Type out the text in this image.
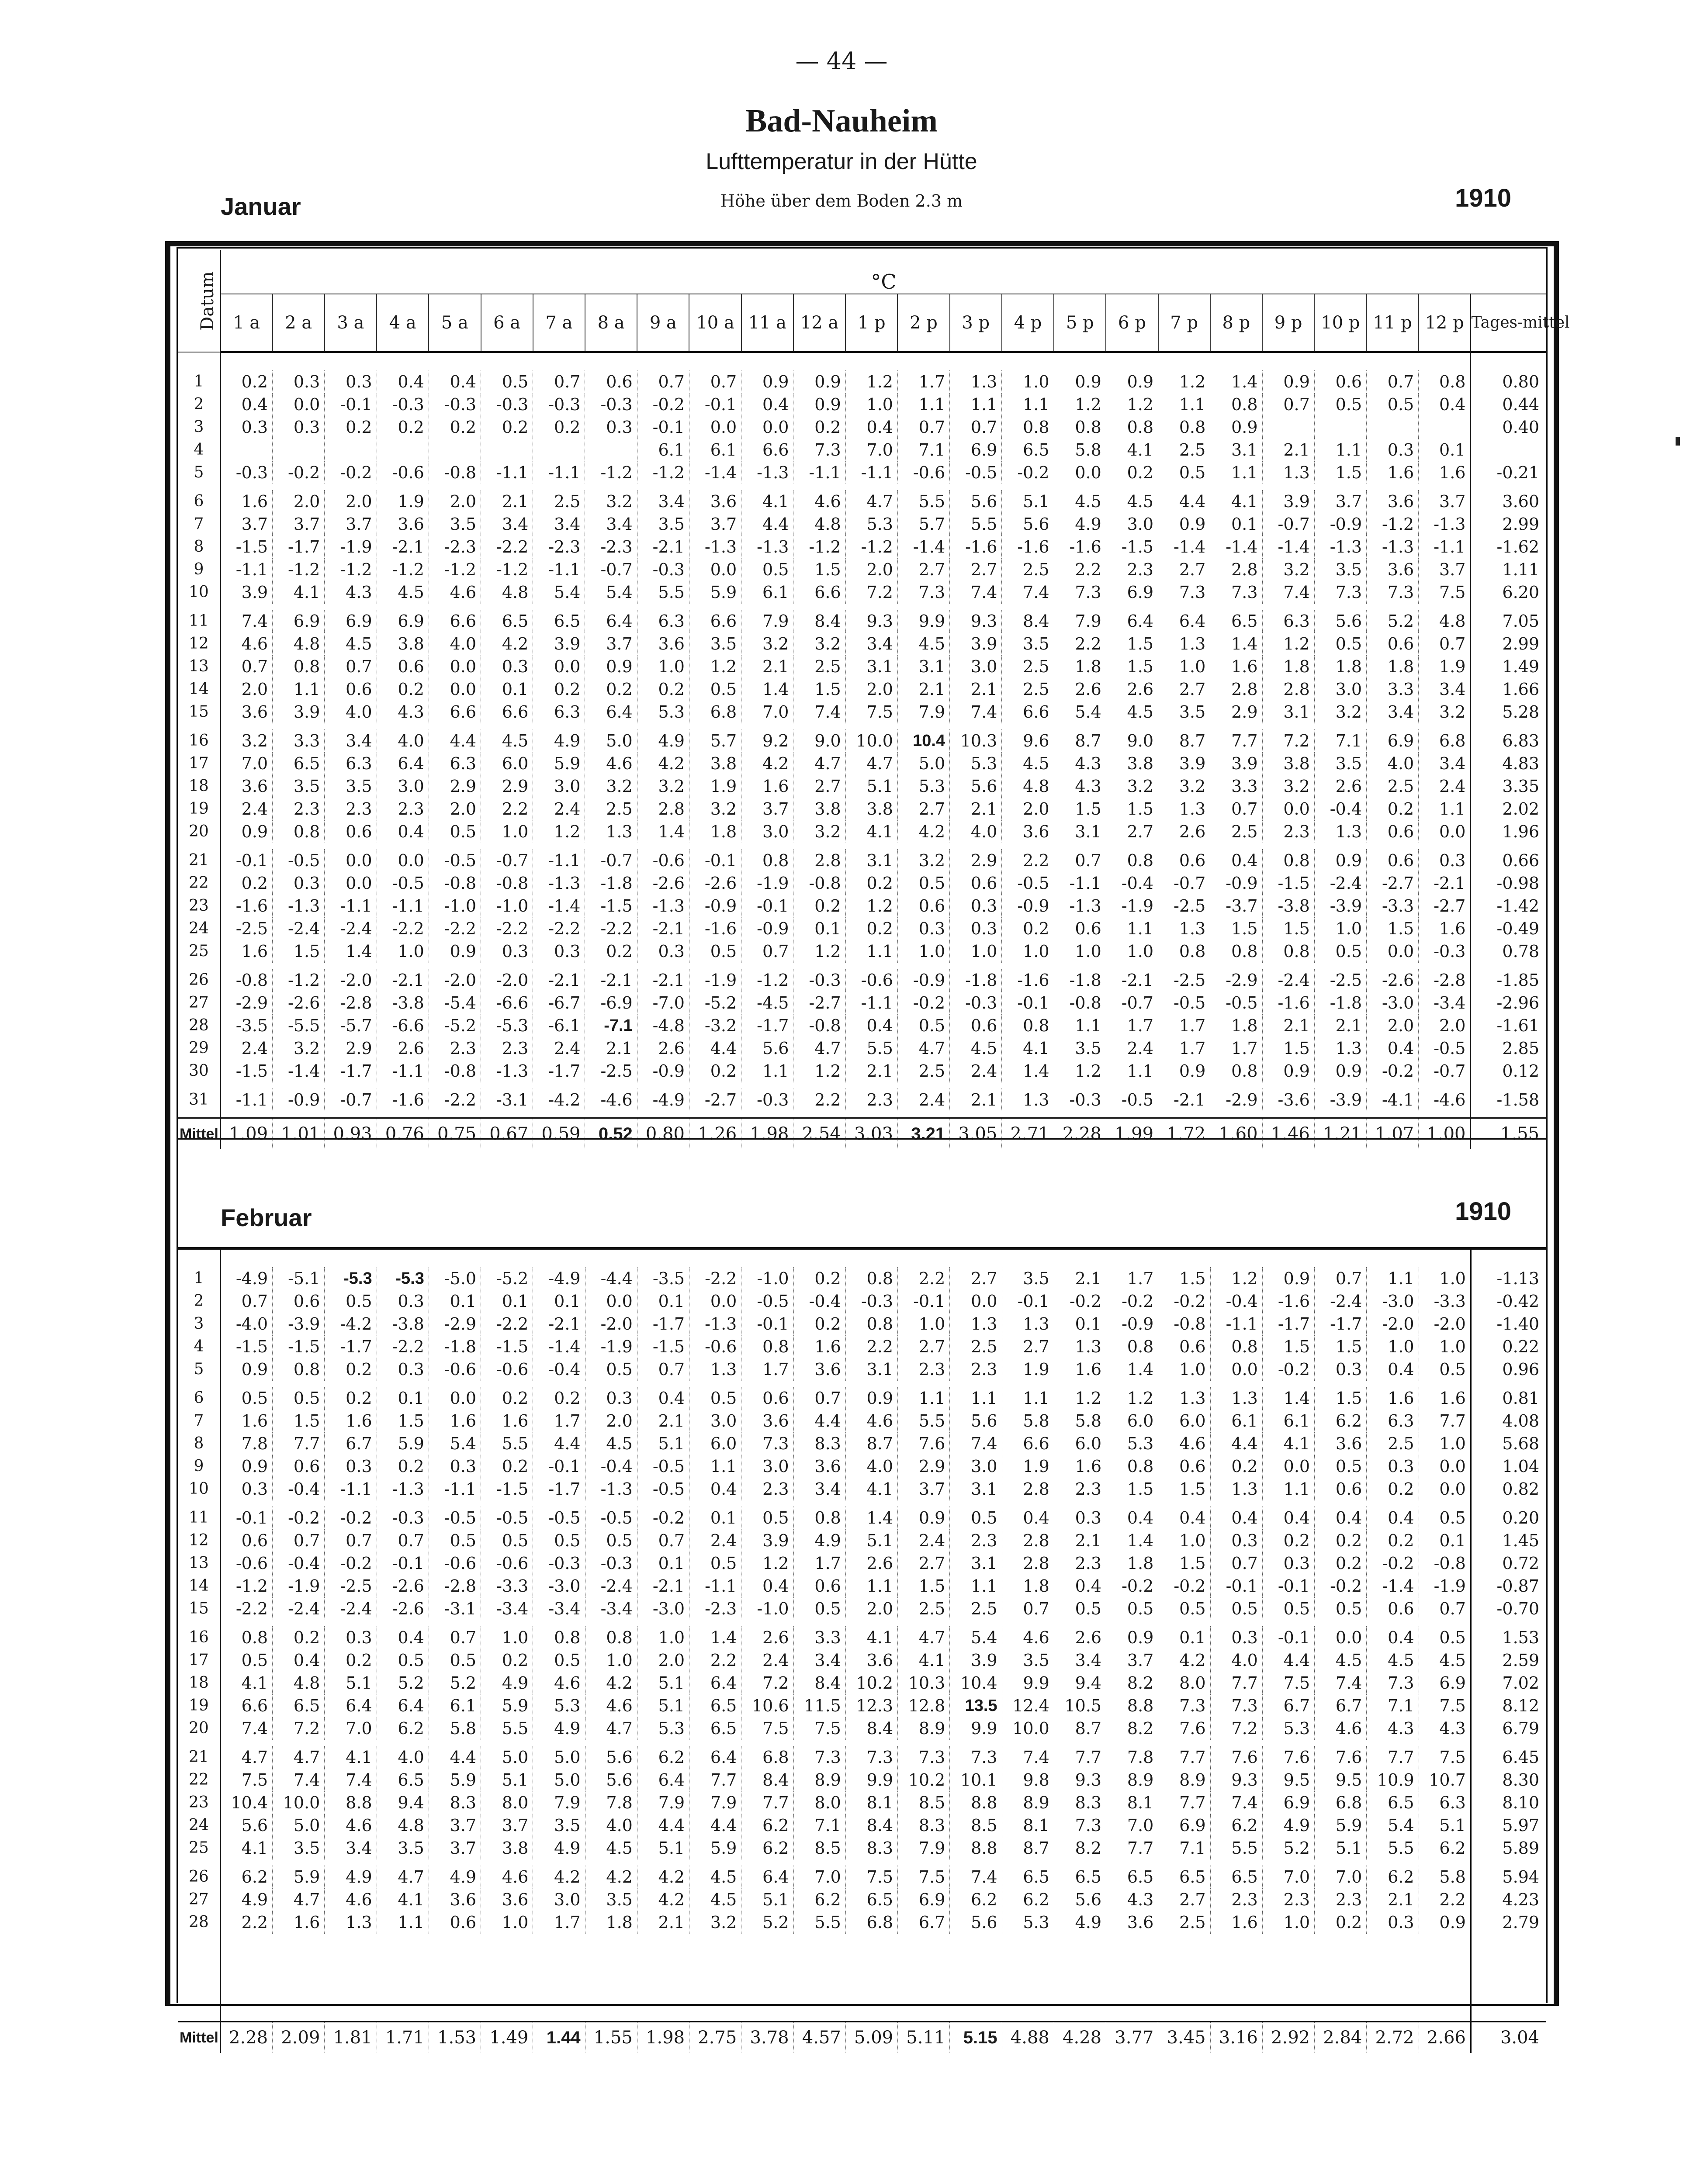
— 44 —
Bad-Nauheim
Lufttemperatur in der Hütte
Höhe über dem Boden 2.3 m
Januar	1910
Datum	°C																								
	1 a	2 a	3 a	4 a	5 a	6 a	7 a	8 a	9 a	10 a	11 a	12 a	1 p	2 p	3 p	4 p	5 p	6 p	7 p	8 p	9 p	10 p	11 p	12 p	Tages-mittel

1	0.2	0.3	0.3	0.4	0.4	0.5	0.7	0.6	0.7	0.7	0.9	0.9	1.2	1.7	1.3	1.0	0.9	0.9	1.2	1.4	0.9	0.6	0.7	0.8	0.80
2	0.4	0.0	-0.1	-0.3	-0.3	-0.3	-0.3	-0.3	-0.2	-0.1	0.4	0.9	1.0	1.1	1.1	1.1	1.2	1.2	1.1	0.8	0.7	0.5	0.5	0.4	0.44
3	0.3	0.3	0.2	0.2	0.2	0.2	0.2	0.3	-0.1	0.0	0.0	0.2	0.4	0.7	0.7	0.8	0.8	0.8	0.8	0.9					0.40
4									6.1	6.1	6.6	7.3	7.0	7.1	6.9	6.5	5.8	4.1	2.5	3.1	2.1	1.1	0.3	0.1	
5	-0.3	-0.2	-0.2	-0.6	-0.8	-1.1	-1.1	-1.2	-1.2	-1.4	-1.3	-1.1	-1.1	-0.6	-0.5	-0.2	0.0	0.2	0.5	1.1	1.3	1.5	1.6	1.6	-0.21

6	1.6	2.0	2.0	1.9	2.0	2.1	2.5	3.2	3.4	3.6	4.1	4.6	4.7	5.5	5.6	5.1	4.5	4.5	4.4	4.1	3.9	3.7	3.6	3.7	3.60
7	3.7	3.7	3.7	3.6	3.5	3.4	3.4	3.4	3.5	3.7	4.4	4.8	5.3	5.7	5.5	5.6	4.9	3.0	0.9	0.1	-0.7	-0.9	-1.2	-1.3	2.99
8	-1.5	-1.7	-1.9	-2.1	-2.3	-2.2	-2.3	-2.3	-2.1	-1.3	-1.3	-1.2	-1.2	-1.4	-1.6	-1.6	-1.6	-1.5	-1.4	-1.4	-1.4	-1.3	-1.3	-1.1	-1.62
9	-1.1	-1.2	-1.2	-1.2	-1.2	-1.2	-1.1	-0.7	-0.3	0.0	0.5	1.5	2.0	2.7	2.7	2.5	2.2	2.3	2.7	2.8	3.2	3.5	3.6	3.7	1.11
10	3.9	4.1	4.3	4.5	4.6	4.8	5.4	5.4	5.5	5.9	6.1	6.6	7.2	7.3	7.4	7.4	7.3	6.9	7.3	7.3	7.4	7.3	7.3	7.5	6.20

11	7.4	6.9	6.9	6.9	6.6	6.5	6.5	6.4	6.3	6.6	7.9	8.4	9.3	9.9	9.3	8.4	7.9	6.4	6.4	6.5	6.3	5.6	5.2	4.8	7.05
12	4.6	4.8	4.5	3.8	4.0	4.2	3.9	3.7	3.6	3.5	3.2	3.2	3.4	4.5	3.9	3.5	2.2	1.5	1.3	1.4	1.2	0.5	0.6	0.7	2.99
13	0.7	0.8	0.7	0.6	0.0	0.3	0.0	0.9	1.0	1.2	2.1	2.5	3.1	3.1	3.0	2.5	1.8	1.5	1.0	1.6	1.8	1.8	1.8	1.9	1.49
14	2.0	1.1	0.6	0.2	0.0	0.1	0.2	0.2	0.2	0.5	1.4	1.5	2.0	2.1	2.1	2.5	2.6	2.6	2.7	2.8	2.8	3.0	3.3	3.4	1.66
15	3.6	3.9	4.0	4.3	6.6	6.6	6.3	6.4	5.3	6.8	7.0	7.4	7.5	7.9	7.4	6.6	5.4	4.5	3.5	2.9	3.1	3.2	3.4	3.2	5.28

16	3.2	3.3	3.4	4.0	4.4	4.5	4.9	5.0	4.9	5.7	9.2	9.0	10.0	10.4	10.3	9.6	8.7	9.0	8.7	7.7	7.2	7.1	6.9	6.8	6.83
17	7.0	6.5	6.3	6.4	6.3	6.0	5.9	4.6	4.2	3.8	4.2	4.7	4.7	5.0	5.3	4.5	4.3	3.8	3.9	3.9	3.8	3.5	4.0	3.4	4.83
18	3.6	3.5	3.5	3.0	2.9	2.9	3.0	3.2	3.2	1.9	1.6	2.7	5.1	5.3	5.6	4.8	4.3	3.2	3.2	3.3	3.2	2.6	2.5	2.4	3.35
19	2.4	2.3	2.3	2.3	2.0	2.2	2.4	2.5	2.8	3.2	3.7	3.8	3.8	2.7	2.1	2.0	1.5	1.5	1.3	0.7	0.0	-0.4	0.2	1.1	2.02
20	0.9	0.8	0.6	0.4	0.5	1.0	1.2	1.3	1.4	1.8	3.0	3.2	4.1	4.2	4.0	3.6	3.1	2.7	2.6	2.5	2.3	1.3	0.6	0.0	1.96

21	-0.1	-0.5	0.0	0.0	-0.5	-0.7	-1.1	-0.7	-0.6	-0.1	0.8	2.8	3.1	3.2	2.9	2.2	0.7	0.8	0.6	0.4	0.8	0.9	0.6	0.3	0.66
22	0.2	0.3	0.0	-0.5	-0.8	-0.8	-1.3	-1.8	-2.6	-2.6	-1.9	-0.8	0.2	0.5	0.6	-0.5	-1.1	-0.4	-0.7	-0.9	-1.5	-2.4	-2.7	-2.1	-0.98
23	-1.6	-1.3	-1.1	-1.1	-1.0	-1.0	-1.4	-1.5	-1.3	-0.9	-0.1	0.2	1.2	0.6	0.3	-0.9	-1.3	-1.9	-2.5	-3.7	-3.8	-3.9	-3.3	-2.7	-1.42
24	-2.5	-2.4	-2.4	-2.2	-2.2	-2.2	-2.2	-2.2	-2.1	-1.6	-0.9	0.1	0.2	0.3	0.3	0.2	0.6	1.1	1.3	1.5	1.5	1.0	1.5	1.6	-0.49
25	1.6	1.5	1.4	1.0	0.9	0.3	0.3	0.2	0.3	0.5	0.7	1.2	1.1	1.0	1.0	1.0	1.0	1.0	0.8	0.8	0.8	0.5	0.0	-0.3	0.78

26	-0.8	-1.2	-2.0	-2.1	-2.0	-2.0	-2.1	-2.1	-2.1	-1.9	-1.2	-0.3	-0.6	-0.9	-1.8	-1.6	-1.8	-2.1	-2.5	-2.9	-2.4	-2.5	-2.6	-2.8	-1.85
27	-2.9	-2.6	-2.8	-3.8	-5.4	-6.6	-6.7	-6.9	-7.0	-5.2	-4.5	-2.7	-1.1	-0.2	-0.3	-0.1	-0.8	-0.7	-0.5	-0.5	-1.6	-1.8	-3.0	-3.4	-2.96
28	-3.5	-5.5	-5.7	-6.6	-5.2	-5.3	-6.1	-7.1	-4.8	-3.2	-1.7	-0.8	0.4	0.5	0.6	0.8	1.1	1.7	1.7	1.8	2.1	2.1	2.0	2.0	-1.61
29	2.4	3.2	2.9	2.6	2.3	2.3	2.4	2.1	2.6	4.4	5.6	4.7	5.5	4.7	4.5	4.1	3.5	2.4	1.7	1.7	1.5	1.3	0.4	-0.5	2.85
30	-1.5	-1.4	-1.7	-1.1	-0.8	-1.3	-1.7	-2.5	-0.9	0.2	1.1	1.2	2.1	2.5	2.4	1.4	1.2	1.1	0.9	0.8	0.9	0.9	-0.2	-0.7	0.12

31	-1.1	-0.9	-0.7	-1.6	-2.2	-3.1	-4.2	-4.6	-4.9	-2.7	-0.3	2.2	2.3	2.4	2.1	1.3	-0.3	-0.5	-2.1	-2.9	-3.6	-3.9	-4.1	-4.6	-1.58

Mittel	1.09	1.01	0.93	0.76	0.75	0.67	0.59	0.52	0.80	1.26	1.98	2.54	3.03	3.21	3.05	2.71	2.28	1.99	1.72	1.60	1.46	1.21	1.07	1.00	1.55
Februar	1910

1	-4.9	-5.1	-5.3	-5.3	-5.0	-5.2	-4.9	-4.4	-3.5	-2.2	-1.0	0.2	0.8	2.2	2.7	3.5	2.1	1.7	1.5	1.2	0.9	0.7	1.1	1.0	-1.13
2	0.7	0.6	0.5	0.3	0.1	0.1	0.1	0.0	0.1	0.0	-0.5	-0.4	-0.3	-0.1	0.0	-0.1	-0.2	-0.2	-0.2	-0.4	-1.6	-2.4	-3.0	-3.3	-0.42
3	-4.0	-3.9	-4.2	-3.8	-2.9	-2.2	-2.1	-2.0	-1.7	-1.3	-0.1	0.2	0.8	1.0	1.3	1.3	0.1	-0.9	-0.8	-1.1	-1.7	-1.7	-2.0	-2.0	-1.40
4	-1.5	-1.5	-1.7	-2.2	-1.8	-1.5	-1.4	-1.9	-1.5	-0.6	0.8	1.6	2.2	2.7	2.5	2.7	1.3	0.8	0.6	0.8	1.5	1.5	1.0	1.0	0.22
5	0.9	0.8	0.2	0.3	-0.6	-0.6	-0.4	0.5	0.7	1.3	1.7	3.6	3.1	2.3	2.3	1.9	1.6	1.4	1.0	0.0	-0.2	0.3	0.4	0.5	0.96

6	0.5	0.5	0.2	0.1	0.0	0.2	0.2	0.3	0.4	0.5	0.6	0.7	0.9	1.1	1.1	1.1	1.2	1.2	1.3	1.3	1.4	1.5	1.6	1.6	0.81
7	1.6	1.5	1.6	1.5	1.6	1.6	1.7	2.0	2.1	3.0	3.6	4.4	4.6	5.5	5.6	5.8	5.8	6.0	6.0	6.1	6.1	6.2	6.3	7.7	4.08
8	7.8	7.7	6.7	5.9	5.4	5.5	4.4	4.5	5.1	6.0	7.3	8.3	8.7	7.6	7.4	6.6	6.0	5.3	4.6	4.4	4.1	3.6	2.5	1.0	5.68
9	0.9	0.6	0.3	0.2	0.3	0.2	-0.1	-0.4	-0.5	1.1	3.0	3.6	4.0	2.9	3.0	1.9	1.6	0.8	0.6	0.2	0.0	0.5	0.3	0.0	1.04
10	0.3	-0.4	-1.1	-1.3	-1.1	-1.5	-1.7	-1.3	-0.5	0.4	2.3	3.4	4.1	3.7	3.1	2.8	2.3	1.5	1.5	1.3	1.1	0.6	0.2	0.0	0.82

11	-0.1	-0.2	-0.2	-0.3	-0.5	-0.5	-0.5	-0.5	-0.2	0.1	0.5	0.8	1.4	0.9	0.5	0.4	0.3	0.4	0.4	0.4	0.4	0.4	0.4	0.5	0.20
12	0.6	0.7	0.7	0.7	0.5	0.5	0.5	0.5	0.7	2.4	3.9	4.9	5.1	2.4	2.3	2.8	2.1	1.4	1.0	0.3	0.2	0.2	0.2	0.1	1.45
13	-0.6	-0.4	-0.2	-0.1	-0.6	-0.6	-0.3	-0.3	0.1	0.5	1.2	1.7	2.6	2.7	3.1	2.8	2.3	1.8	1.5	0.7	0.3	0.2	-0.2	-0.8	0.72
14	-1.2	-1.9	-2.5	-2.6	-2.8	-3.3	-3.0	-2.4	-2.1	-1.1	0.4	0.6	1.1	1.5	1.1	1.8	0.4	-0.2	-0.2	-0.1	-0.1	-0.2	-1.4	-1.9	-0.87
15	-2.2	-2.4	-2.4	-2.6	-3.1	-3.4	-3.4	-3.4	-3.0	-2.3	-1.0	0.5	2.0	2.5	2.5	0.7	0.5	0.5	0.5	0.5	0.5	0.5	0.6	0.7	-0.70

16	0.8	0.2	0.3	0.4	0.7	1.0	0.8	0.8	1.0	1.4	2.6	3.3	4.1	4.7	5.4	4.6	2.6	0.9	0.1	0.3	-0.1	0.0	0.4	0.5	1.53
17	0.5	0.4	0.2	0.5	0.5	0.2	0.5	1.0	2.0	2.2	2.4	3.4	3.6	4.1	3.9	3.5	3.4	3.7	4.2	4.0	4.4	4.5	4.5	4.5	2.59
18	4.1	4.8	5.1	5.2	5.2	4.9	4.6	4.2	5.1	6.4	7.2	8.4	10.2	10.3	10.4	9.9	9.4	8.2	8.0	7.7	7.5	7.4	7.3	6.9	7.02
19	6.6	6.5	6.4	6.4	6.1	5.9	5.3	4.6	5.1	6.5	10.6	11.5	12.3	12.8	13.5	12.4	10.5	8.8	7.3	7.3	6.7	6.7	7.1	7.5	8.12
20	7.4	7.2	7.0	6.2	5.8	5.5	4.9	4.7	5.3	6.5	7.5	7.5	8.4	8.9	9.9	10.0	8.7	8.2	7.6	7.2	5.3	4.6	4.3	4.3	6.79

21	4.7	4.7	4.1	4.0	4.4	5.0	5.0	5.6	6.2	6.4	6.8	7.3	7.3	7.3	7.3	7.4	7.7	7.8	7.7	7.6	7.6	7.6	7.7	7.5	6.45
22	7.5	7.4	7.4	6.5	5.9	5.1	5.0	5.6	6.4	7.7	8.4	8.9	9.9	10.2	10.1	9.8	9.3	8.9	8.9	9.3	9.5	9.5	10.9	10.7	8.30
23	10.4	10.0	8.8	9.4	8.3	8.0	7.9	7.8	7.9	7.9	7.7	8.0	8.1	8.5	8.8	8.9	8.3	8.1	7.7	7.4	6.9	6.8	6.5	6.3	8.10
24	5.6	5.0	4.6	4.8	3.7	3.7	3.5	4.0	4.4	4.4	6.2	7.1	8.4	8.3	8.5	8.1	7.3	7.0	6.9	6.2	4.9	5.9	5.4	5.1	5.97
25	4.1	3.5	3.4	3.5	3.7	3.8	4.9	4.5	5.1	5.9	6.2	8.5	8.3	7.9	8.8	8.7	8.2	7.7	7.1	5.5	5.2	5.1	5.5	6.2	5.89

26	6.2	5.9	4.9	4.7	4.9	4.6	4.2	4.2	4.2	4.5	6.4	7.0	7.5	7.5	7.4	6.5	6.5	6.5	6.5	6.5	7.0	7.0	6.2	5.8	5.94
27	4.9	4.7	4.6	4.1	3.6	3.6	3.0	3.5	4.2	4.5	5.1	6.2	6.5	6.9	6.2	6.2	5.6	4.3	2.7	2.3	2.3	2.3	2.1	2.2	4.23
28	2.2	1.6	1.3	1.1	0.6	1.0	1.7	1.8	2.1	3.2	5.2	5.5	6.8	6.7	5.6	5.3	4.9	3.6	2.5	1.6	1.0	0.2	0.3	0.9	2.79

Mittel	2.28	2.09	1.81	1.71	1.53	1.49	1.44	1.55	1.98	2.75	3.78	4.57	5.09	5.11	5.15	4.88	4.28	3.77	3.45	3.16	2.92	2.84	2.72	2.66	3.04
